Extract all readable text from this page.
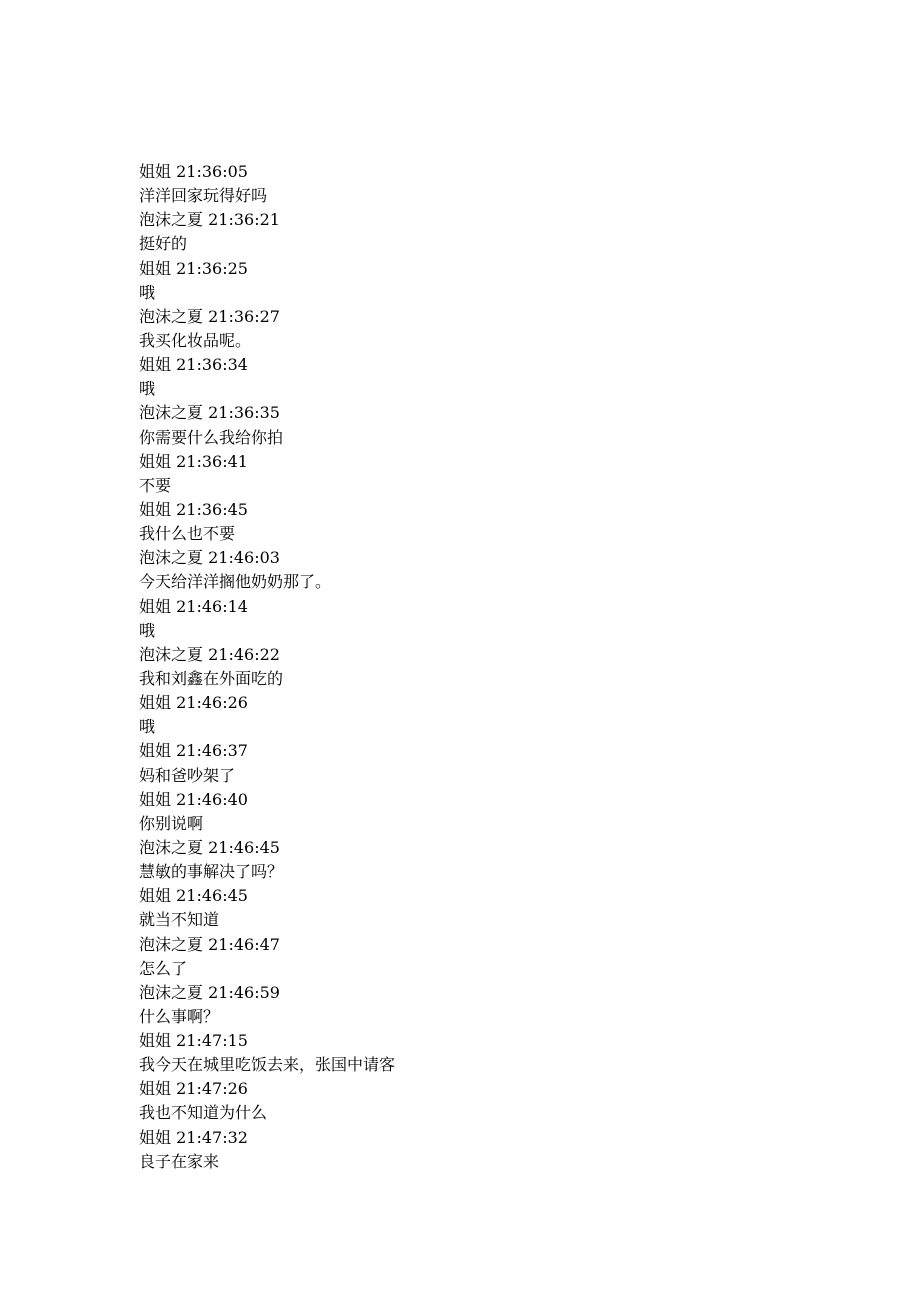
姐姐 21:36:05
洋洋回家玩得好吗
泡沫之夏 21:36:21
挺好的
姐姐 21:36:25
哦
泡沫之夏 21:36:27
我买化妆品呢。
姐姐 21:36:34
哦
泡沫之夏 21:36:35
你需要什么我给你拍
姐姐 21:36:41
不要
姐姐 21:36:45
我什么也不要
泡沫之夏 21:46:03
今天给洋洋搁他奶奶那了。
姐姐 21:46:14
哦
泡沫之夏 21:46:22
我和刘鑫在外面吃的
姐姐 21:46:26
哦
姐姐 21:46:37
妈和爸吵架了
姐姐 21:46:40
你别说啊
泡沫之夏 21:46:45
慧敏的事解决了吗？
姐姐 21:46:45
就当不知道
泡沫之夏 21:46:47
怎么了
泡沫之夏 21:46:59
什么事啊？
姐姐 21:47:15
我今天在城里吃饭去来，张国中请客
姐姐 21:47:26
我也不知道为什么
姐姐 21:47:32
良子在家来
